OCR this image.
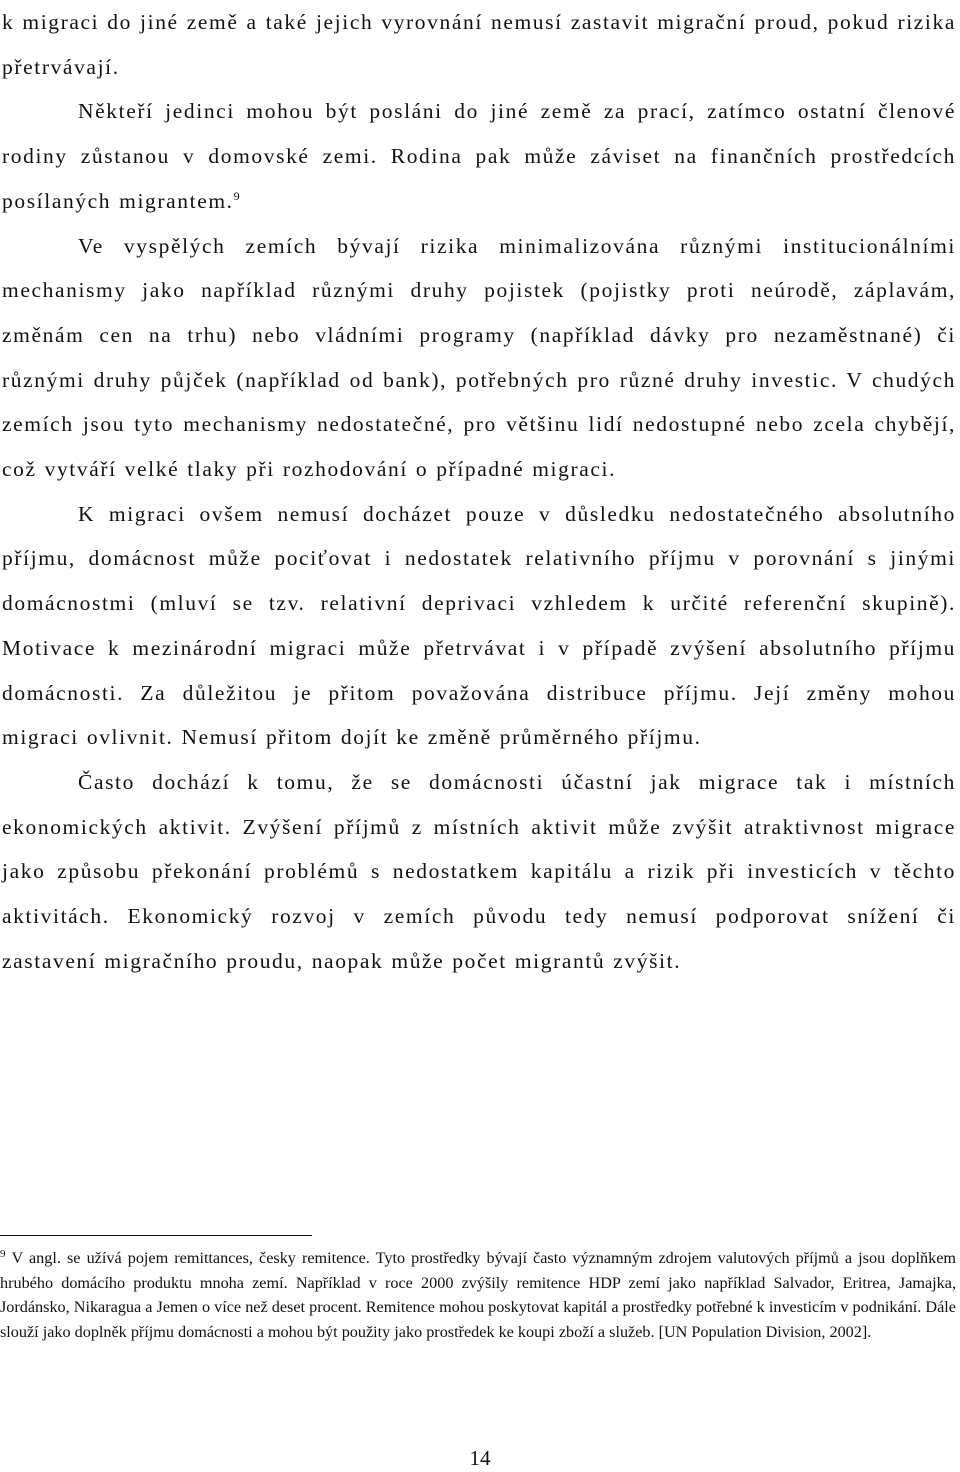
k migraci do jiné země a také jejich vyrovnání nemusí zastavit migrační proud, pokud rizika přetrvávají.

Někteří jedinci mohou být posláni do jiné země za prací, zatímco ostatní členové rodiny zůstanou v domovské zemi. Rodina pak může záviset na finančních prostředcích posílaných migrantem.$^9$

Ve vyspělých zemích bývají rizika minimalizována různými institucionálními mechanismy jako například různými druhy pojistek (pojistky proti neúrodě, záplavám, změnám cen na trhu) nebo vládními programy (například dávky pro nezaměstnané) či různými druhy půjček (například od bank), potřebných pro různé druhy investic. V chudých zemích jsou tyto mechanismy nedostatečné, pro většinu lidí nedostupné nebo zcela chybějí, což vytváří velké tlaky při rozhodování o případné migraci.

K migraci ovšem nemusí docházet pouze v důsledku nedostatečného absolutního příjmu, domácnost může pociťovat i nedostatek relativního příjmu v porovnání s jinými domácnostmi (mluví se tzv. relativní deprivaci vzhledem k určité referenční skupině). Motivace k mezinárodní migraci může přetrvávat i v případě zvýšení absolutního příjmu domácnosti. Za důležitou je přitom považována distribuce příjmu. Její změny mohou migraci ovlivnit. Nemusí přitom dojít ke změně průměrného příjmu.

Často dochází k tomu, že se domácnosti účastní jak migrace tak i místních ekonomických aktivit. Zvýšení příjmů z místních aktivit může zvýšit atraktivnost migrace jako způsobu překonání problémů s nedostatkem kapitálu a rizik při investicích v těchto aktivitách. Ekonomický rozvoj v zemích původu tedy nemusí podporovat snížení či zastavení migračního proudu, naopak může počet migrantů zvýšit.

$^9$ V angl. se užívá pojem remittances, česky remitence. Tyto prostředky bývají často významným zdrojem valutových příjmů a jsou doplňkem hrubého domácího produktu mnoha zemí. Například v roce 2000 zvýšily remitence HDP zemí jako například Salvador, Eritrea, Jamajka, Jordánsko, Nikaragua a Jemen o více než deset procent. Remitence mohou poskytovat kapitál a prostředky potřebné k investicím v podnikání. Dále slouží jako doplněk příjmu domácnosti a mohou být použity jako prostředek ke koupi zboží a služeb. [UN Population Division, 2002].
14
